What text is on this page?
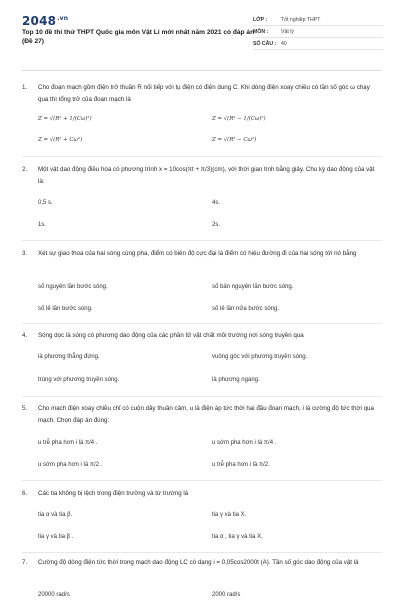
$2048^{.vn}$
Top 10 đề thi thử THPT Quốc gia môn Vật Lí mới nhất năm 2021 có đáp án (Đề 27)
LỚP :	Tốt nghiệp THPT
MÔN :	Vật lý
SỐ CÂU : 40
1. Cho đoạn mạch gồm điện trở thuần R nối tiếp với tụ điện có điện dung C. Khi dòng điện xoay chiều có tần số góc ω chạy qua thì tổng trở của đoạn mạch là
Z = √(R² + 1/(Cω)²)	Z = √(R² − 1/(Cω)²)
Z = √(R² + Cω²)	Z = √(R² − Cω²)
2. Một vật dao động điều hòa có phương trình x = 10cos(πt + π/3)(cm), với thời gian tính bằng giây. Chu kỳ dao động của vật là:
0,5 s.	4s.
1s.	2s.
3. Xét sự giao thoa của hai sóng cùng pha, điểm có biên độ cực đại là điểm có hiệu đường đi của hai sóng tới nó bằng
số nguyên lần bước sóng.	số bán nguyên lần bước sóng.
số lẻ lần bước sóng.	số lẻ lần nửa bước sóng.
4. Sóng dọc là sóng có phương dao động của các phần tử vật chất môi trường nơi sóng truyền qua
là phương thẳng đứng.	vuông góc với phương truyền sóng.
trùng với phương truyền sóng.	là phương ngang.
5. Cho mạch điện xoay chiều chỉ có cuộn dây thuần cảm, u là điện áp tức thời hai đầu đoạn mạch, i là cường độ tức thời qua mạch. Chọn đáp án đúng:
u trễ pha hơn i là π/4 .	u sớm pha hơn i là π/4 .
u sớm pha hơn i là π/2 .	u trễ pha hơn i là π/2.
6. Các tia không bị lệch trong điện trường và từ trường là
tia α và tia β.	tia γ và tia X.
tia γ và tia β .	tia α , tia γ và tia X.
7. Cường độ dòng điện tức thời trong mạch dao động LC có dạng i = 0,05cos2000t (A). Tần số góc dao động của vật là
20000 rad/s	2000 rad/s
